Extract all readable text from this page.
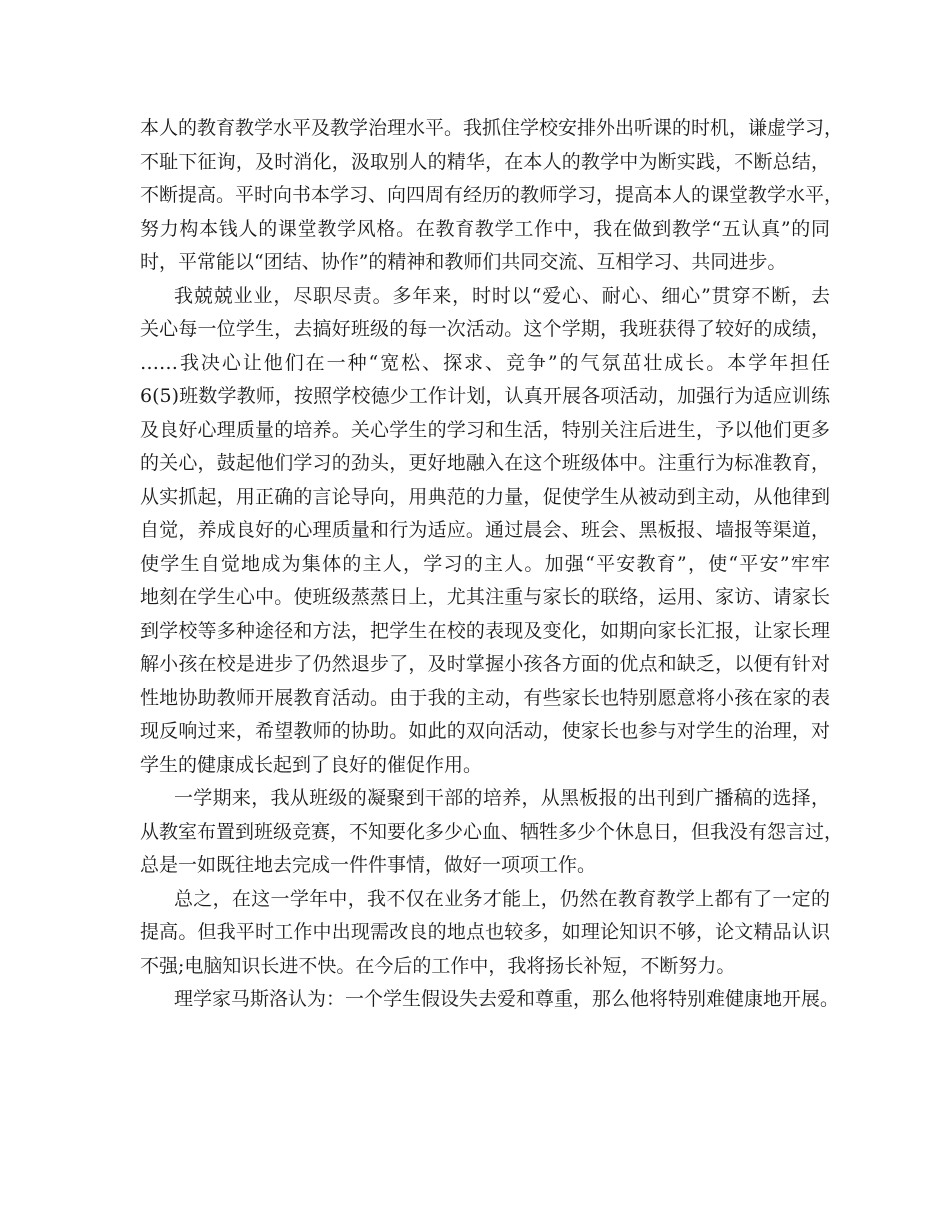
本人的教育教学水平及教学治理水平。我抓住学校安排外出听课的时机，谦虚学习，
不耻下征询，及时消化，汲取别人的精华，在本人的教学中为断实践，不断总结，
不断提高。平时向书本学习、向四周有经历的教师学习，提高本人的课堂教学水平，
努力构本钱人的课堂教学风格。在教育教学工作中，我在做到教学“五认真”的同
时，平常能以“团结、协作”的精神和教师们共同交流、互相学习、共同进步。
我兢兢业业，尽职尽责。多年来，时时以“爱心、耐心、细心”贯穿不断，去
关心每一位学生，去搞好班级的每一次活动。这个学期，我班获得了较好的成绩，
……我决心让他们在一种“宽松、探求、竞争”的气氛茁壮成长。本学年担任
6(5)班数学教师，按照学校德少工作计划，认真开展各项活动，加强行为适应训练
及良好心理质量的培养。关心学生的学习和生活，特别关注后进生，予以他们更多
的关心，鼓起他们学习的劲头，更好地融入在这个班级体中。注重行为标准教育，
从实抓起，用正确的言论导向，用典范的力量，促使学生从被动到主动，从他律到
自觉，养成良好的心理质量和行为适应。通过晨会、班会、黑板报、墙报等渠道，
使学生自觉地成为集体的主人，学习的主人。加强“平安教育”，使“平安”牢牢
地刻在学生心中。使班级蒸蒸日上，尤其注重与家长的联络，运用、家访、请家长
到学校等多种途径和方法，把学生在校的表现及变化，如期向家长汇报，让家长理
解小孩在校是进步了仍然退步了，及时掌握小孩各方面的优点和缺乏，以便有针对
性地协助教师开展教育活动。由于我的主动，有些家长也特别愿意将小孩在家的表
现反响过来，希望教师的协助。如此的双向活动，使家长也参与对学生的治理，对
学生的健康成长起到了良好的催促作用。
一学期来，我从班级的凝聚到干部的培养，从黑板报的出刊到广播稿的选择，
从教室布置到班级竞赛，不知要化多少心血、牺牲多少个休息日，但我没有怨言过，
总是一如既往地去完成一件件事情，做好一项项工作。
总之，在这一学年中，我不仅在业务才能上，仍然在教育教学上都有了一定的
提高。但我平时工作中出现需改良的地点也较多，如理论知识不够，论文精品认识
不强;电脑知识长进不快。在今后的工作中，我将扬长补短，不断努力。
理学家马斯洛认为：一个学生假设失去爱和尊重，那么他将特别难健康地开展。
